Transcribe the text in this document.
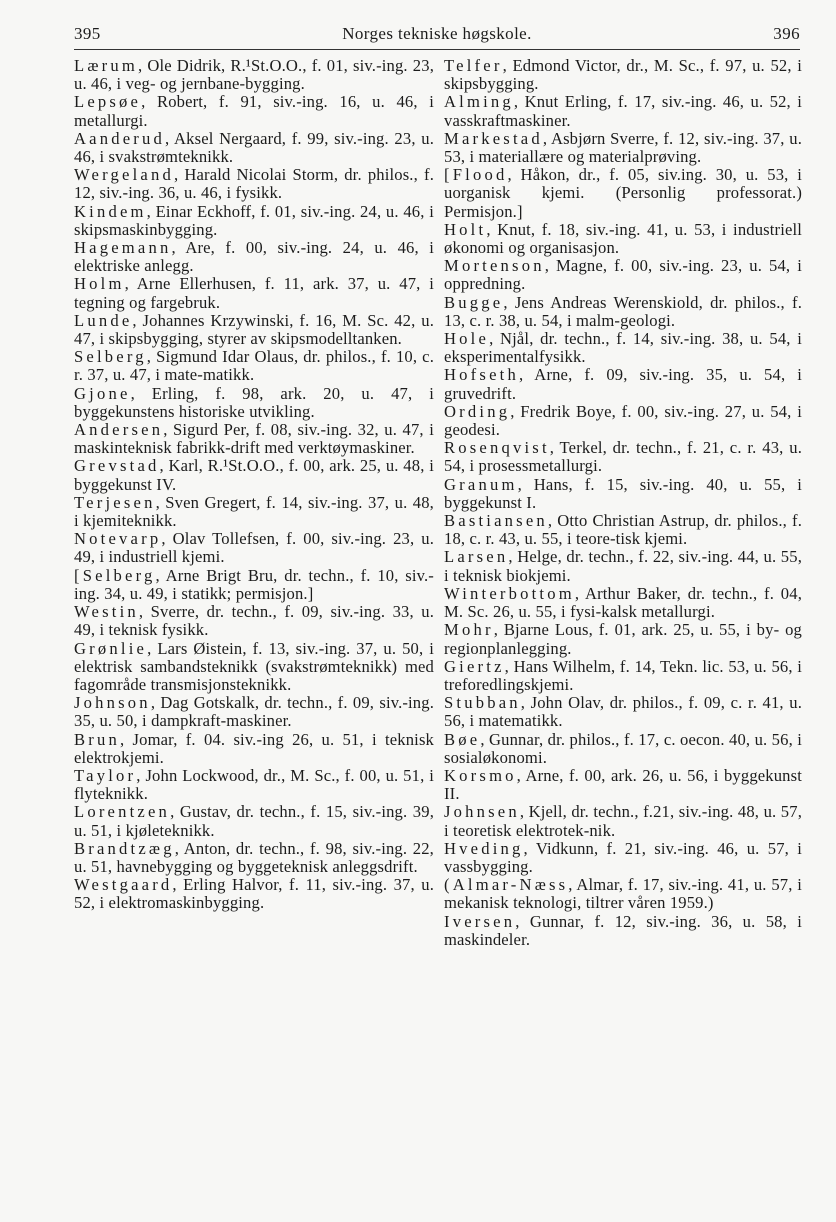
395	Norges tekniske høgskole.	396

Lærum, Ole Didrik, R.¹St.O.O., f. 01, siv.-ing. 23, u. 46, i veg- og jernbane-bygging.

Lepsøe, Robert, f. 91, siv.-ing. 16, u. 46, i metallurgi.

Aanderud, Aksel Nergaard, f. 99, siv.-ing. 23, u. 46, i svakstrømteknikk.

Wergeland, Harald Nicolai Storm, dr. philos., f. 12, siv.-ing. 36, u. 46, i fysikk.

Kindem, Einar Eckhoff, f. 01, siv.-ing. 24, u. 46, i skipsmaskinbygging.

Hagemann, Are, f. 00, siv.-ing. 24, u. 46, i elektriske anlegg.

Holm, Arne Ellerhusen, f. 11, ark. 37, u. 47, i tegning og fargebruk.

Lunde, Johannes Krzywinski, f. 16, M. Sc. 42, u. 47, i skipsbygging, styrer av skipsmodelltanken.

Selberg, Sigmund Idar Olaus, dr. philos., f. 10, c. r. 37, u. 47, i mate-matikk.

Gjone, Erling, f. 98, ark. 20, u. 47, i byggekunstens historiske utvikling.

Andersen, Sigurd Per, f. 08, siv.-ing. 32, u. 47, i maskinteknisk fabrikk-drift med verktøymaskiner.

Grevstad, Karl, R.¹St.O.O., f. 00, ark. 25, u. 48, i byggekunst IV.

Terjesen, Sven Gregert, f. 14, siv.-ing. 37, u. 48, i kjemiteknikk.

Notevarp, Olav Tollefsen, f. 00, siv.-ing. 23, u. 49, i industriell kjemi.

[Selberg, Arne Brigt Bru, dr. techn., f. 10, siv.-ing. 34, u. 49, i statikk; permisjon.]

Westin, Sverre, dr. techn., f. 09, siv.-ing. 33, u. 49, i teknisk fysikk.

Grønlie, Lars Øistein, f. 13, siv.-ing. 37, u. 50, i elektrisk sambandsteknikk (svakstrømteknikk) med fagområde transmisjonsteknikk.

Johnson, Dag Gotskalk, dr. techn., f. 09, siv.-ing. 35, u. 50, i dampkraft-maskiner.

Brun, Jomar, f. 04. siv.-ing 26, u. 51, i teknisk elektrokjemi.

Taylor, John Lockwood, dr., M. Sc., f. 00, u. 51, i flyteknikk.

Lorentzen, Gustav, dr. techn., f. 15, siv.-ing. 39, u. 51, i kjøleteknikk.

Brandtzæg, Anton, dr. techn., f. 98, siv.-ing. 22, u. 51, havnebygging og byggeteknisk anleggsdrift.

Westgaard, Erling Halvor, f. 11, siv.-ing. 37, u. 52, i elektromaskinbygging.

Telfer, Edmond Victor, dr., M. Sc., f. 97, u. 52, i skipsbygging.

Alming, Knut Erling, f. 17, siv.-ing. 46, u. 52, i vasskraftmaskiner.

Markestad, Asbjørn Sverre, f. 12, siv.-ing. 37, u. 53, i materiallære og materialprøving.

[Flood, Håkon, dr., f. 05, siv.ing. 30, u. 53, i uorganisk kjemi. (Personlig professorat.) Permisjon.]

Holt, Knut, f. 18, siv.-ing. 41, u. 53, i industriell økonomi og organisasjon.

Mortenson, Magne, f. 00, siv.-ing. 23, u. 54, i oppredning.

Bugge, Jens Andreas Werenskiold, dr. philos., f. 13, c. r. 38, u. 54, i malm-geologi.

Hole, Njål, dr. techn., f. 14, siv.-ing. 38, u. 54, i eksperimentalfysikk.

Hofseth, Arne, f. 09, siv.-ing. 35, u. 54, i gruvedrift.

Ording, Fredrik Boye, f. 00, siv.-ing. 27, u. 54, i geodesi.

Rosenqvist, Terkel, dr. techn., f. 21, c. r. 43, u. 54, i prosessmetallurgi.

Granum, Hans, f. 15, siv.-ing. 40, u. 55, i byggekunst I.

Bastiansen, Otto Christian Astrup, dr. philos., f. 18, c. r. 43, u. 55, i teore-tisk kjemi.

Larsen, Helge, dr. techn., f. 22, siv.-ing. 44, u. 55, i teknisk biokjemi.

Winterbottom, Arthur Baker, dr. techn., f. 04, M. Sc. 26, u. 55, i fysi-kalsk metallurgi.

Mohr, Bjarne Lous, f. 01, ark. 25, u. 55, i by- og regionplanlegging.

Giertz, Hans Wilhelm, f. 14, Tekn. lic. 53, u. 56, i treforedlingskjemi.

Stubban, John Olav, dr. philos., f. 09, c. r. 41, u. 56, i matematikk.

Bøe, Gunnar, dr. philos., f. 17, c. oecon. 40, u. 56, i sosialøkonomi.

Korsmo, Arne, f. 00, ark. 26, u. 56, i byggekunst II.

Johnsen, Kjell, dr. techn., f.21, siv.-ing. 48, u. 57, i teoretisk elektrotek-nik.

Hveding, Vidkunn, f. 21, siv.-ing. 46, u. 57, i vassbygging.

(Almar-Næss, Almar, f. 17, siv.-ing. 41, u. 57, i mekanisk teknologi, tiltrer våren 1959.)

Iversen, Gunnar, f. 12, siv.-ing. 36, u. 58, i maskindeler.
